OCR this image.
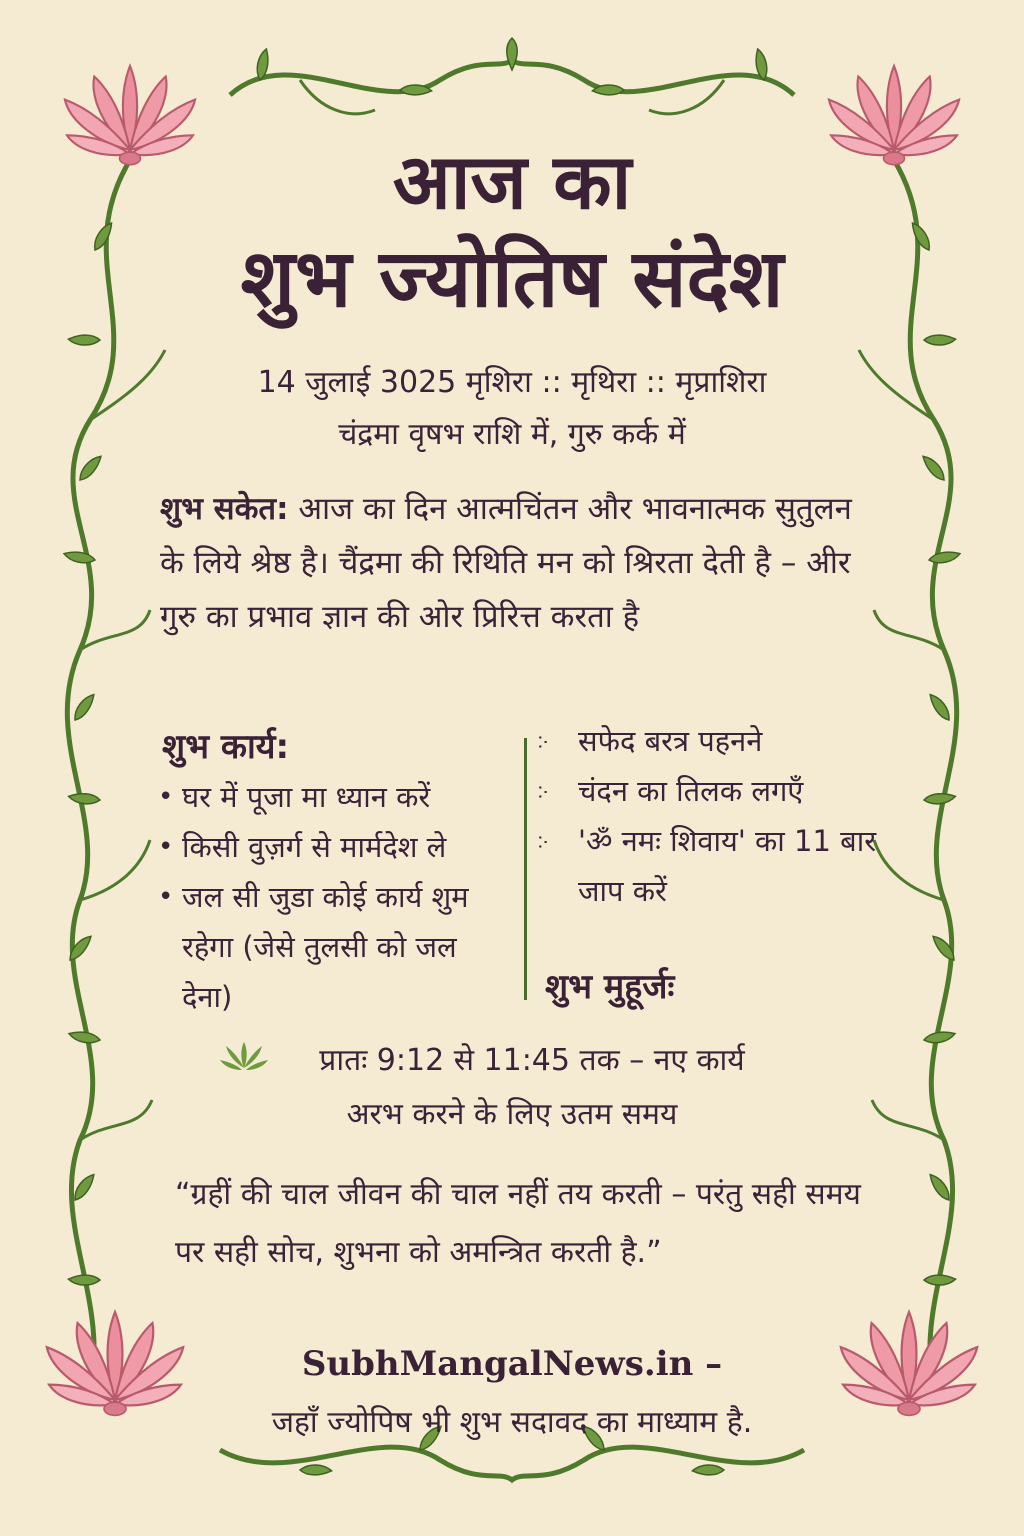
आज का
शुभ ज्योतिष संदेश
14 जुलाई 3025 मृशिरा :: मृथिरा :: मृप्राशिरा
चंद्रमा वृषभ राशि में, गुरु कर्क में
शुभ सकेत: आज का दिन आत्मचिंतन और भावनात्मक सुतुलन के लिये श्रेष्ठ है। चैंद्रमा की रिथिति मन को श्रिरता देती है – अीर गुरु का प्रभाव ज्ञान की ओर प्रिरित्त करता है
शुभ कार्य:
• घर में पूजा मा ध्यान करें
• किसी वुज़र्ग से मार्मदेश ले
• जल सी जुडा कोई कार्य शुम रहेगा (जेसे तुलसी को जल देना)
჻ सफेद बरत्र पहनने
჻ चंदन का तिलक लगएँ
჻ 'ॐ नमः शिवाय' का 11 बार जाप करें
शुभ मुहूर्जः
प्रातः 9:12 से 11:45 तक – नए कार्य
अरभ करने के लिए उतम समय
“ग्रहीं की चाल जीवन की चाल नहीं तय करती – परंतु सही समय पर सही सोच, शुभना को अमन्त्रित करती है.”
SubhMangalNews.in –
जहाँ ज्योपिष भी शुभ सदावद का माध्याम है.
